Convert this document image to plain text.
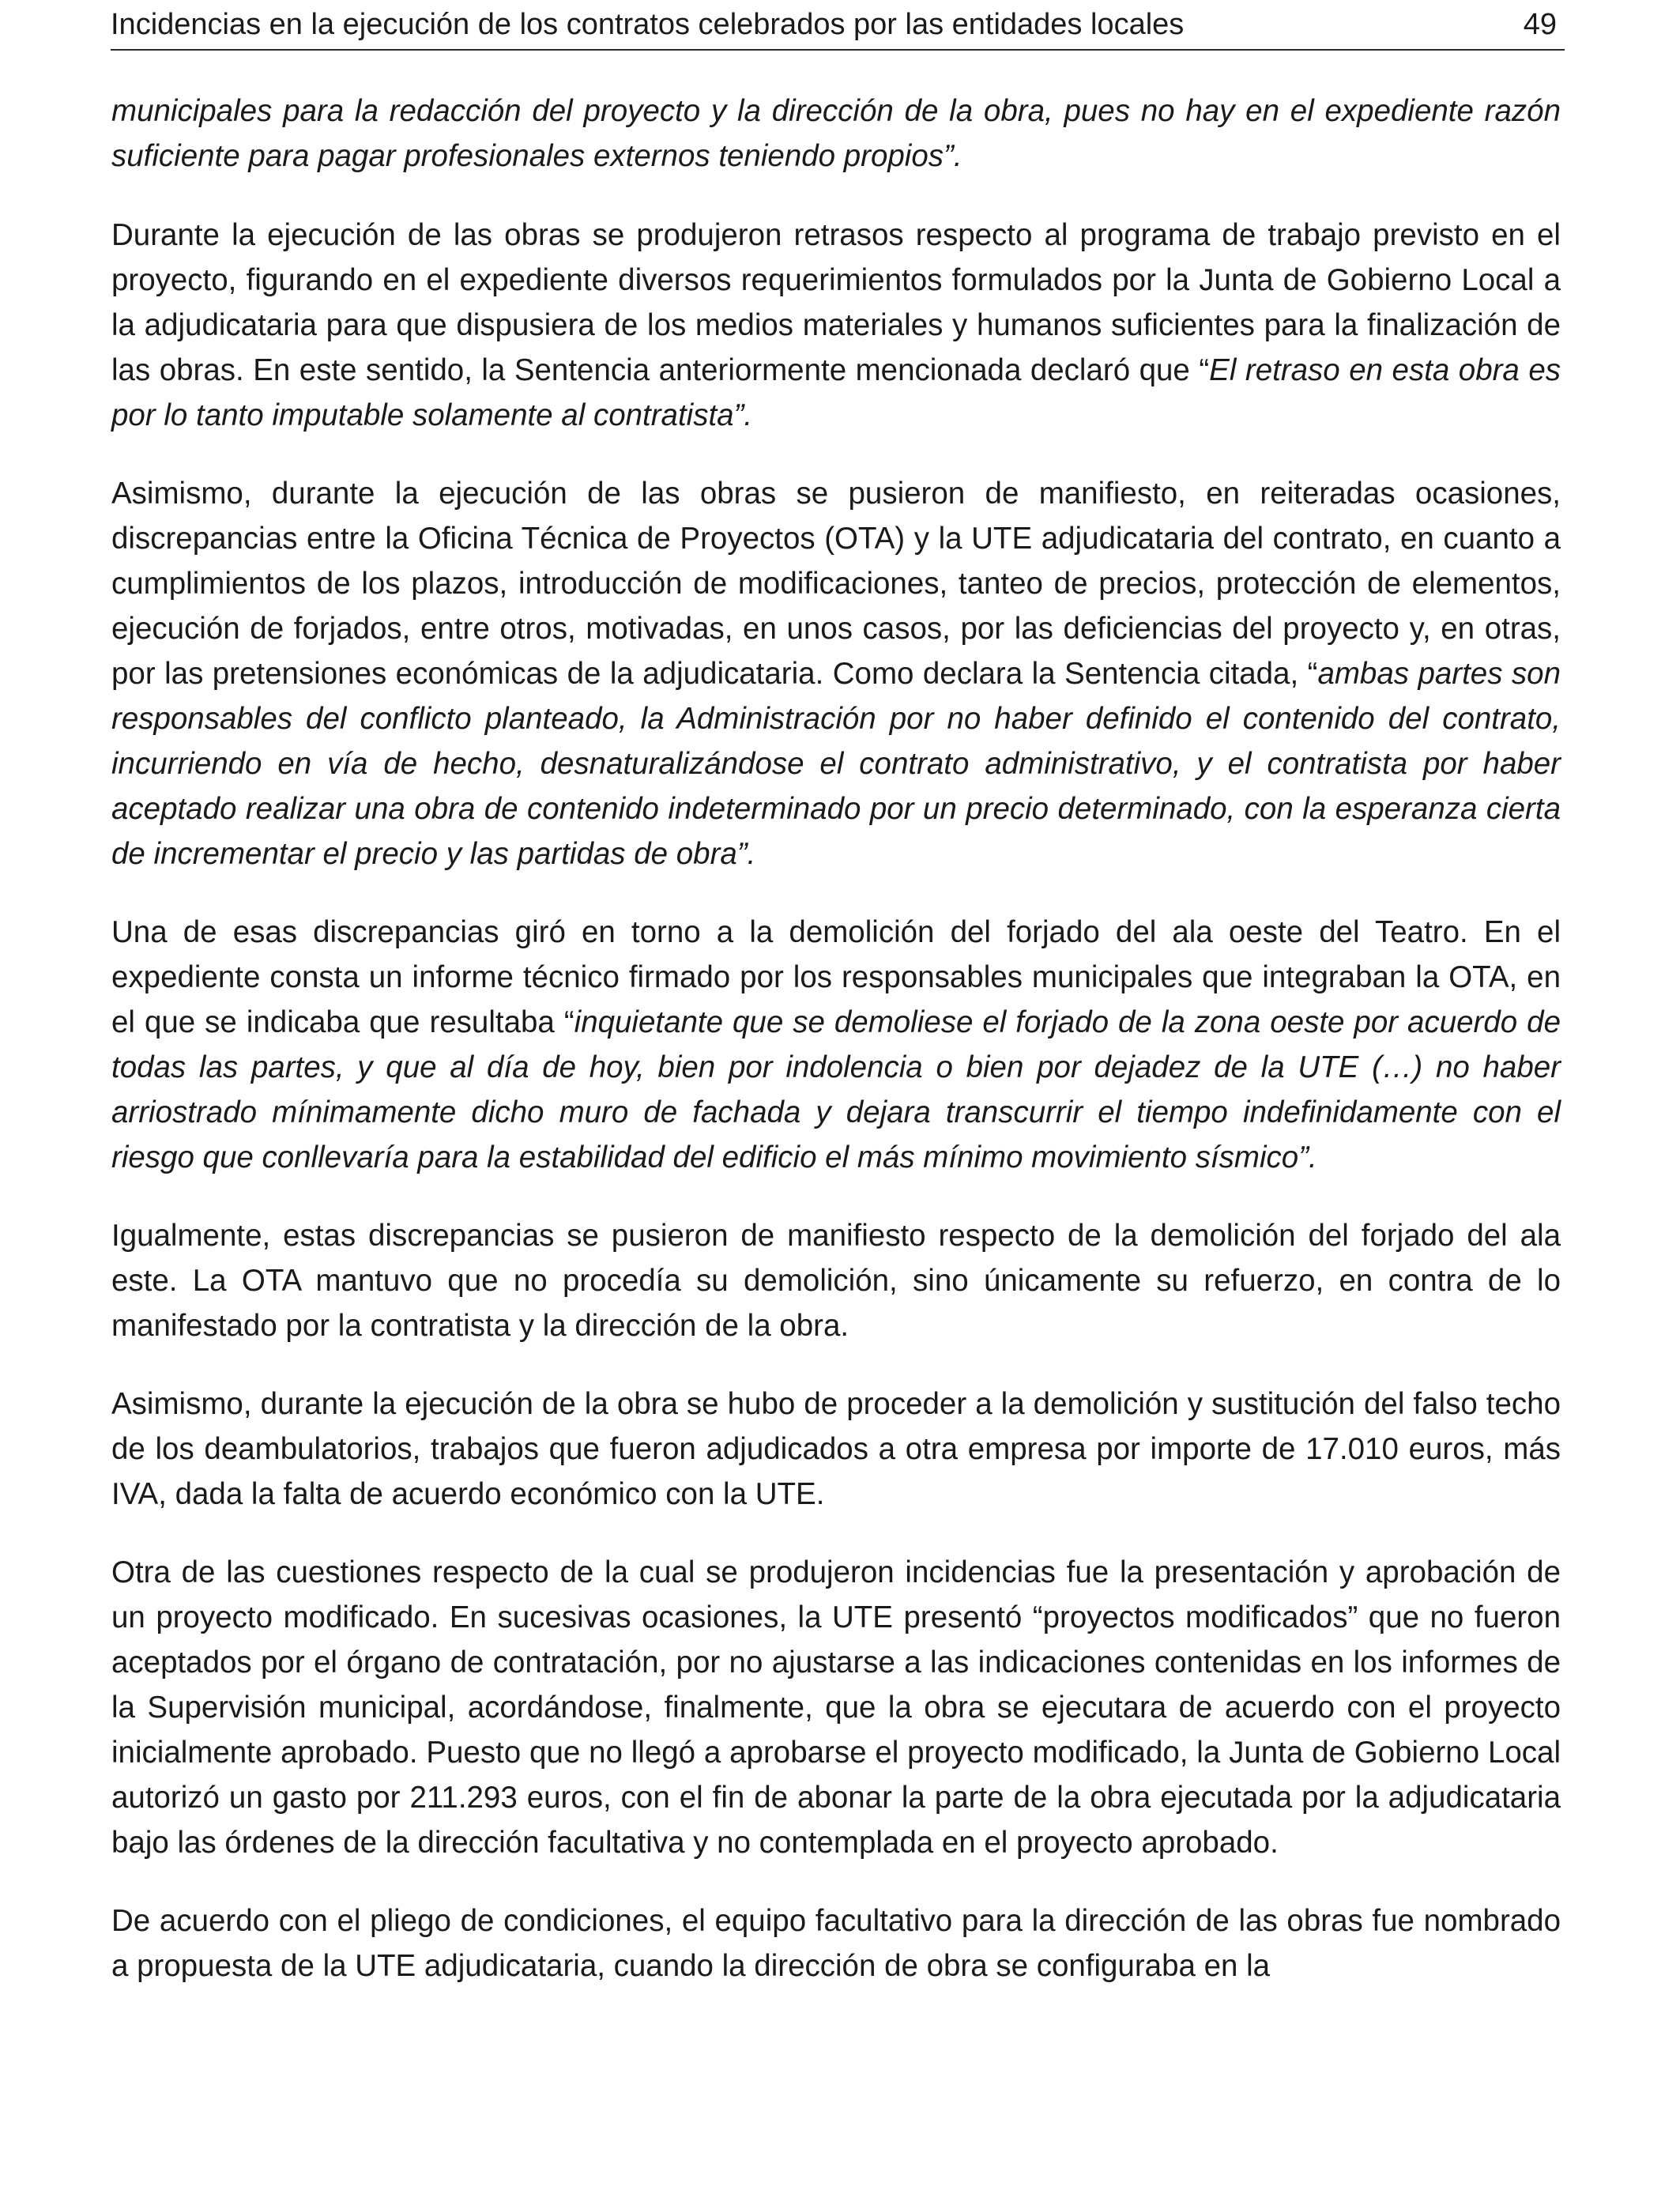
Incidencias en la ejecución de los contratos celebrados por las entidades locales	49

municipales para la redacción del proyecto y la dirección de la obra, pues no hay en el expediente razón suficiente para pagar profesionales externos teniendo propios”.

Durante la ejecución de las obras se produjeron retrasos respecto al programa de trabajo previsto en el proyecto, figurando en el expediente diversos requerimientos formulados por la Junta de Gobierno Local a la adjudicataria para que dispusiera de los medios materiales y humanos suficientes para la finalización de las obras. En este sentido, la Sentencia anteriormente mencionada declaró que “El retraso en esta obra es por lo tanto imputable solamente al contratista”.

Asimismo, durante la ejecución de las obras se pusieron de manifiesto, en reiteradas ocasiones, discrepancias entre la Oficina Técnica de Proyectos (OTA) y la UTE adjudicataria del contrato, en cuanto a cumplimientos de los plazos, introducción de modificaciones, tanteo de precios, protección de elementos, ejecución de forjados, entre otros, motivadas, en unos casos, por las deficiencias del proyecto y, en otras, por las pretensiones económicas de la adjudicataria. Como declara la Sentencia citada, “ambas partes son responsables del conflicto planteado, la Administración por no haber definido el contenido del contrato, incurriendo en vía de hecho, desnaturalizándose el contrato administrativo, y el contratista por haber aceptado realizar una obra de contenido indeterminado por un precio determinado, con la esperanza cierta de incrementar el precio y las partidas de obra”.

Una de esas discrepancias giró en torno a la demolición del forjado del ala oeste del Teatro. En el expediente consta un informe técnico firmado por los responsables municipales que integraban la OTA, en el que se indicaba que resultaba “inquietante que se demoliese el forjado de la zona oeste por acuerdo de todas las partes, y que al día de hoy, bien por indolencia o bien por dejadez de la UTE (…) no haber arriostrado mínimamente dicho muro de fachada y dejara transcurrir el tiempo indefinidamente con el riesgo que conllevaría para la estabilidad del edificio el más mínimo movimiento sísmico”.

Igualmente, estas discrepancias se pusieron de manifiesto respecto de la demolición del forjado del ala este. La OTA mantuvo que no procedía su demolición, sino únicamente su refuerzo, en contra de lo manifestado por la contratista y la dirección de la obra.

Asimismo, durante la ejecución de la obra se hubo de proceder a la demolición y sustitución del falso techo de los deambulatorios, trabajos que fueron adjudicados a otra empresa por importe de 17.010 euros, más IVA, dada la falta de acuerdo económico con la UTE.

Otra de las cuestiones respecto de la cual se produjeron incidencias fue la presentación y aprobación de un proyecto modificado. En sucesivas ocasiones, la UTE presentó “proyectos modificados” que no fueron aceptados por el órgano de contratación, por no ajustarse a las indicaciones contenidas en los informes de la Supervisión municipal, acordándose, finalmente, que la obra se ejecutara de acuerdo con el proyecto inicialmente aprobado. Puesto que no llegó a aprobarse el proyecto modificado, la Junta de Gobierno Local autorizó un gasto por 211.293 euros, con el fin de abonar la parte de la obra ejecutada por la adjudicataria bajo las órdenes de la dirección facultativa y no contemplada en el proyecto aprobado.

De acuerdo con el pliego de condiciones, el equipo facultativo para la dirección de las obras fue nombrado a propuesta de la UTE adjudicataria, cuando la dirección de obra se configuraba en la
